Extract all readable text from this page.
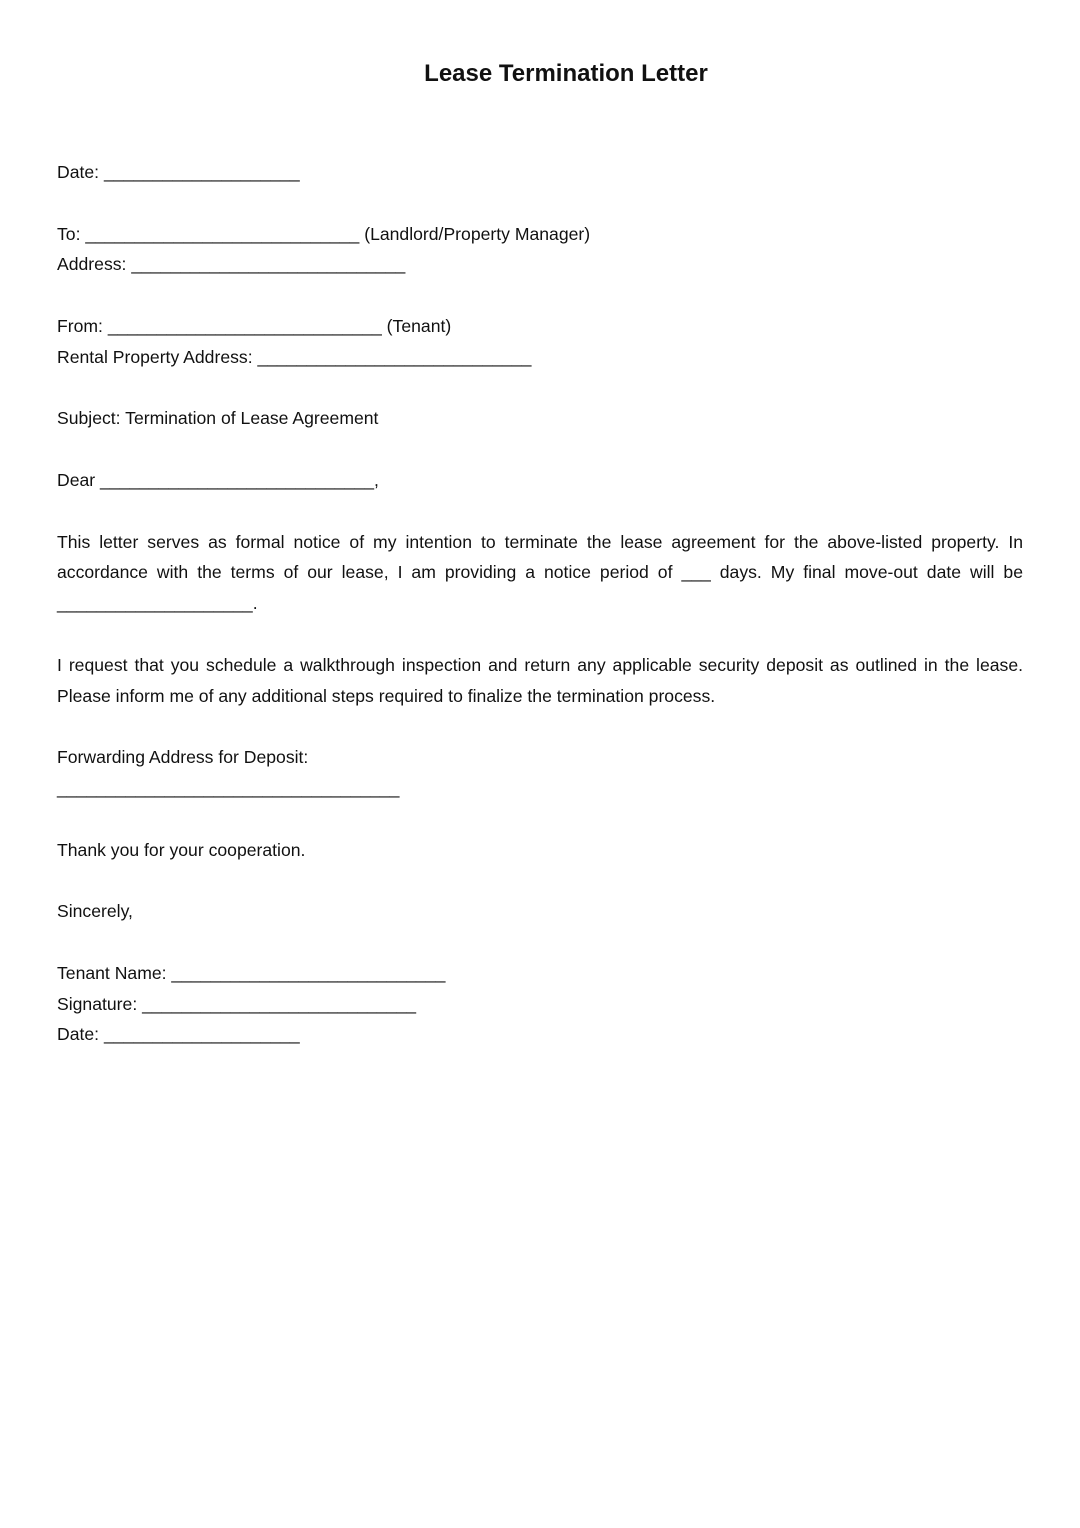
Lease Termination Letter

Date: ____________________

To: ____________________________ (Landlord/Property Manager)
Address: ____________________________

From: ____________________________ (Tenant)
Rental Property Address: ____________________________

Subject: Termination of Lease Agreement

Dear ____________________________,

This letter serves as formal notice of my intention to terminate the lease agreement for the above-listed property. In accordance with the terms of our lease, I am providing a notice period of ___ days. My final move-out date will be ____________________.

I request that you schedule a walkthrough inspection and return any applicable security deposit as outlined in the lease. Please inform me of any additional steps required to finalize the termination process.

Forwarding Address for Deposit:
___________________________________

Thank you for your cooperation.

Sincerely,

Tenant Name: ____________________________
Signature: ____________________________
Date: ____________________
